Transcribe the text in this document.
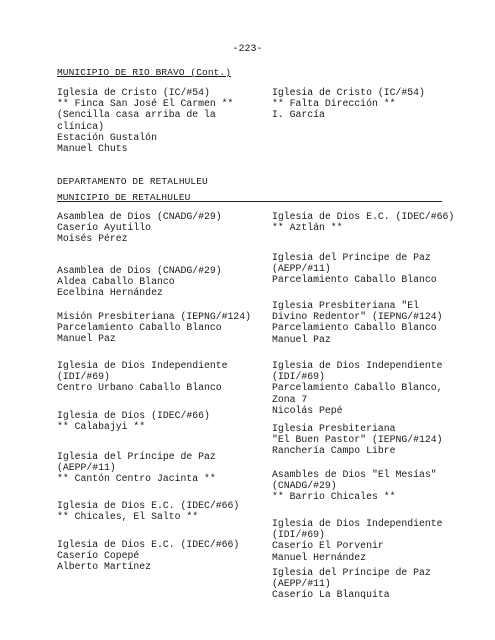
-223-
MUNICIPIO DE RIO BRAVO (Cont.)
Iglesia de Cristo (IC/#54)
** Finca San José El Carmen **
(Sencilla casa arriba de la
clínica)
Estación Gustalón
Manuel Chuts
Iglesia de Cristo (IC/#54)
** Falta Dirección **
I. García
DEPARTAMENTO DE RETALHULEU
MUNICIPIO DE RETALHULEU
Asamblea de Dios (CNADG/#29)
Caserío Ayutillo
Moisés Pérez
Asamblea de Dios (CNADG/#29)
Aldea Caballo Blanco
Ecelbina Hernández
Misión Presbiteriana (IEPNG/#124)
Parcelamiento Caballo Blanco
Manuel Paz
Iglesia de Dios Independiente
(IDI/#69)
Centro Urbano Caballo Blanco
Iglesia de Dios (IDEC/#66)
** Calabajyi **
Iglesia del Príncipe de Paz
(AEPP/#11)
** Cantón Centro Jacinta **
Iglesia de Dios E.C. (IDEC/#66)
** Chicales, El Salto **
Iglesia de Dios E.C. (IDEC/#66)
Caserío Copepé
Alberto Martínez
Iglesia de Dios E.C. (IDEC/#66)
** Aztlán **
Iglesia del Príncipe de Paz
(AEPP/#11)
Parcelamiento Caballo Blanco
Iglesia Presbiteriana "El
Divino Redentor" (IEPNG/#124)
Parcelamiento Caballo Blanco
Manuel Paz
Iglesia de Dios Independiente
(IDI/#69)
Parcelamiento Caballo Blanco,
Zona 7
Nicolás Pepé
Iglesia Presbiteriana
"El Buen Pastor" (IEPNG/#124)
Ranchería Campo Libre
Asambles de Dios "El Mesías"
(CNADG/#29)
** Barrio Chicales **
Iglesia de Dios Independiente
(IDI/#69)
Caserío El Porvenir
Manuel Hernández
Iglesia del Príncipe de Paz
(AEPP/#11)
Caserío La Blanquita
